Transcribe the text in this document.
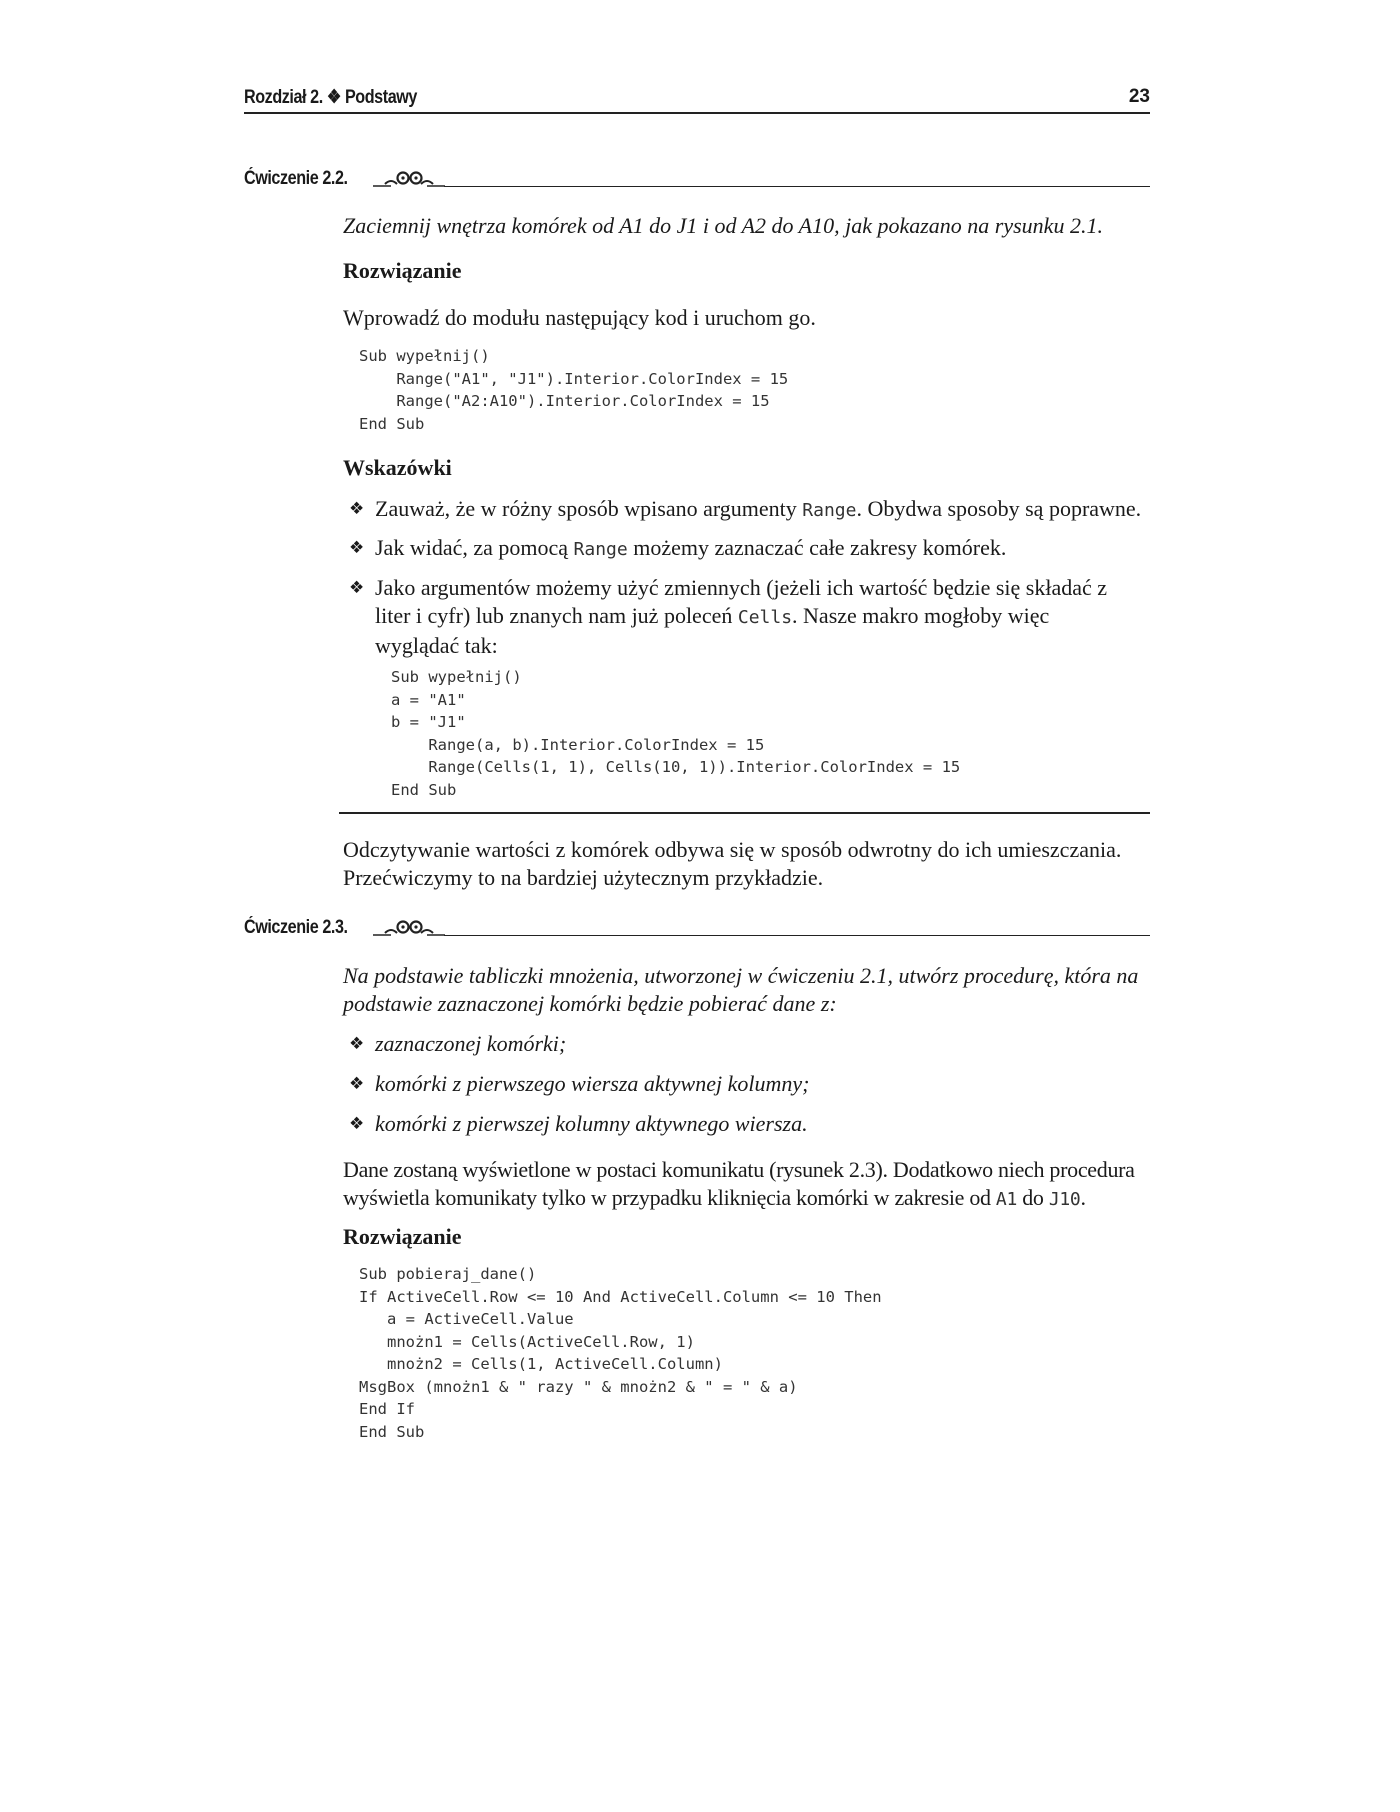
Rozdział 2. ❖ Podstawy	23
Ćwiczenie 2.2.
Zaciemnij wnętrza komórek od A1 do J1 i od A2 do A10, jak pokazano na rysunku 2.1.
Rozwiązanie
Wprowadź do modułu następujący kod i uruchom go.
Sub wypełnij()
Range("A1", "J1").Interior.ColorIndex = 15
Range("A2:A10").Interior.ColorIndex = 15
End Sub
Wskazówki
❖ Zauważ, że w różny sposób wpisano argumenty Range. Obydwa sposoby są poprawne.
❖ Jak widać, za pomocą Range możemy zaznaczać całe zakresy komórek.
❖ Jako argumentów możemy użyć zmiennych (jeżeli ich wartość będzie się składać z liter i cyfr) lub znanych nam już poleceń Cells. Nasze makro mogłoby więc wyglądać tak:
Sub wypełnij()
a = "A1"
b = "J1"
Range(a, b).Interior.ColorIndex = 15
Range(Cells(1, 1), Cells(10, 1)).Interior.ColorIndex = 15
End Sub
Odczytywanie wartości z komórek odbywa się w sposób odwrotny do ich umieszczania. Przećwiczymy to na bardziej użytecznym przykładzie.
Ćwiczenie 2.3.
Na podstawie tabliczki mnożenia, utworzonej w ćwiczeniu 2.1, utwórz procedurę, która na podstawie zaznaczonej komórki będzie pobierać dane z:
❖ zaznaczonej komórki;
❖ komórki z pierwszego wiersza aktywnej kolumny;
❖ komórki z pierwszej kolumny aktywnego wiersza.
Dane zostaną wyświetlone w postaci komunikatu (rysunek 2.3). Dodatkowo niech procedura wyświetla komunikaty tylko w przypadku kliknięcia komórki w zakresie od A1 do J10.
Rozwiązanie
Sub pobieraj_dane()
If ActiveCell.Row <= 10 And ActiveCell.Column <= 10 Then
a = ActiveCell.Value
mnożn1 = Cells(ActiveCell.Row, 1)
mnożn2 = Cells(1, ActiveCell.Column)
MsgBox (mnożn1 & " razy " & mnożn2 & " = " & a)
End If
End Sub
